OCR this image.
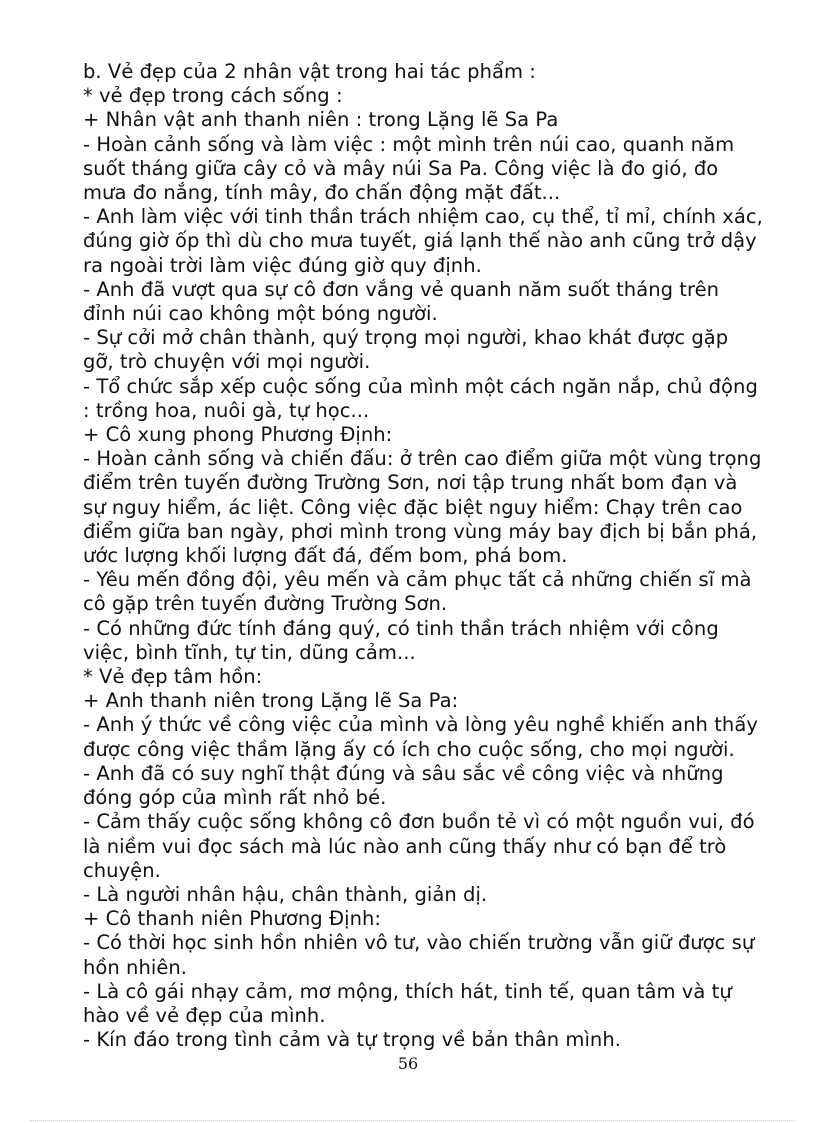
b. Vẻ đẹp của 2 nhân vật trong hai tác phẩm :
* vẻ đẹp trong cách sống :
+ Nhân vật anh thanh niên : trong Lặng lẽ Sa Pa
- Hoàn cảnh sống và làm việc : một mình trên núi cao, quanh năm
suốt tháng giữa cây cỏ và mây núi Sa Pa. Công việc là đo gió, đo
mưa đo nắng, tính mây, đo chấn động mặt đất...
- Anh làm việc với tinh thần trách nhiệm cao, cụ thể, tỉ mỉ, chính xác,
đúng giờ ốp thì dù cho mưa tuyết, giá lạnh thế nào anh cũng trở dậy
ra ngoài trời làm việc đúng giờ quy định.
- Anh đã vượt qua sự cô đơn vắng vẻ quanh năm suốt tháng trên
đỉnh núi cao không một bóng người.
- Sự cởi mở chân thành, quý trọng mọi người, khao khát được gặp
gỡ, trò chuyện với mọi người.
- Tổ chức sắp xếp cuộc sống của mình một cách ngăn nắp, chủ động
: trồng hoa, nuôi gà, tự học...
+ Cô xung phong Phương Định:
- Hoàn cảnh sống và chiến đấu: ở trên cao điểm giữa một vùng trọng
điểm trên tuyến đường Trường Sơn, nơi tập trung nhất bom đạn và
sự nguy hiểm, ác liệt. Công việc đặc biệt nguy hiểm: Chạy trên cao
điểm giữa ban ngày, phơi mình trong vùng máy bay địch bị bắn phá,
ước lượng khối lượng đất đá, đếm bom, phá bom.
- Yêu mến đồng đội, yêu mến và cảm phục tất cả những chiến sĩ mà
cô gặp trên tuyến đường Trường Sơn.
- Có những đức tính đáng quý, có tinh thần trách nhiệm với công
việc, bình tĩnh, tự tin, dũng cảm...
* Vẻ đẹp tâm hồn:
+ Anh thanh niên trong Lặng lẽ Sa Pa:
- Anh ý thức về công việc của mình và lòng yêu nghề khiến anh thấy
được công việc thầm lặng ấy có ích cho cuộc sống, cho mọi người.
- Anh đã có suy nghĩ thật đúng và sâu sắc về công việc và những
đóng góp của mình rất nhỏ bé.
- Cảm thấy cuộc sống không cô đơn buồn tẻ vì có một nguồn vui, đó
là niềm vui đọc sách mà lúc nào anh cũng thấy như có bạn để trò
chuyện.
- Là người nhân hậu, chân thành, giản dị.
+ Cô thanh niên Phương Định:
- Có thời học sinh hồn nhiên vô tư, vào chiến trường vẫn giữ được sự
hồn nhiên.
- Là cô gái nhạy cảm, mơ mộng, thích hát, tinh tế, quan tâm và tự
hào về vẻ đẹp của mình.
- Kín đáo trong tình cảm và tự trọng về bản thân mình.
56
